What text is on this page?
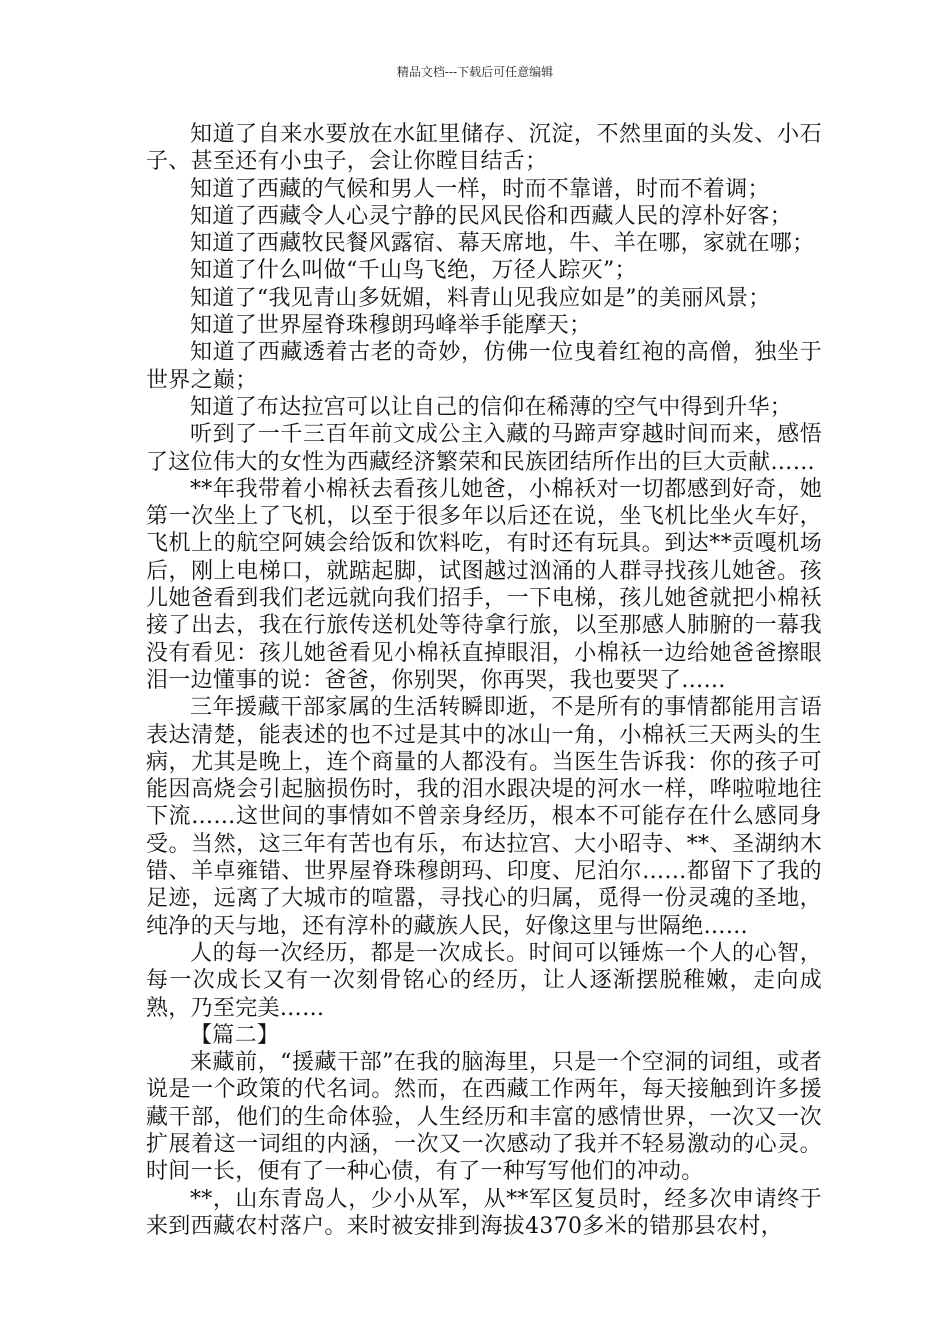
精品文档---下载后可任意编辑

知道了自来水要放在水缸里储存、沉淀，不然里面的头发、小石子、甚至还有小虫子，会让你瞠目结舌；

知道了西藏的气候和男人一样，时而不靠谱，时而不着调；

知道了西藏令人心灵宁静的民风民俗和西藏人民的淳朴好客；

知道了西藏牧民餐风露宿、幕天席地，牛、羊在哪，家就在哪；

知道了什么叫做“千山鸟飞绝，万径人踪灭”；

知道了“我见青山多妩媚，料青山见我应如是”的美丽风景；

知道了世界屋脊珠穆朗玛峰举手能摩天；

知道了西藏透着古老的奇妙，仿佛一位曳着红袍的高僧，独坐于世界之巅；

知道了布达拉宫可以让自己的信仰在稀薄的空气中得到升华；

听到了一千三百年前文成公主入藏的马蹄声穿越时间而来，感悟了这位伟大的女性为西藏经济繁荣和民族团结所作出的巨大贡献……

**年我带着小棉袄去看孩儿她爸，小棉袄对一切都感到好奇，她第一次坐上了飞机，以至于很多年以后还在说，坐飞机比坐火车好，飞机上的航空阿姨会给饭和饮料吃，有时还有玩具。到达**贡嘎机场后，刚上电梯口，就踮起脚，试图越过汹涌的人群寻找孩儿她爸。孩儿她爸看到我们老远就向我们招手，一下电梯，孩儿她爸就把小棉袄接了出去，我在行旅传送机处等待拿行旅，以至那感人肺腑的一幕我没有看见：孩儿她爸看见小棉袄直掉眼泪，小棉袄一边给她爸爸擦眼泪一边懂事的说：爸爸，你别哭，你再哭，我也要哭了……

三年援藏干部家属的生活转瞬即逝，不是所有的事情都能用言语表达清楚，能表述的也不过是其中的冰山一角，小棉袄三天两头的生病，尤其是晚上，连个商量的人都没有。当医生告诉我：你的孩子可能因高烧会引起脑损伤时，我的泪水跟决堤的河水一样，哗啦啦地往下流……这世间的事情如不曾亲身经历，根本不可能存在什么感同身受。当然，这三年有苦也有乐，布达拉宫、大小昭寺、**、圣湖纳木错、羊卓雍错、世界屋脊珠穆朗玛、印度、尼泊尔……都留下了我的足迹，远离了大城市的喧嚣，寻找心的归属，觅得一份灵魂的圣地，纯净的天与地，还有淳朴的藏族人民，好像这里与世隔绝……

人的每一次经历，都是一次成长。时间可以锤炼一个人的心智，每一次成长又有一次刻骨铭心的经历，让人逐渐摆脱稚嫩，走向成熟，乃至完美……

【篇二】

来藏前，“援藏干部”在我的脑海里，只是一个空洞的词组，或者说是一个政策的代名词。然而，在西藏工作两年，每天接触到许多援藏干部，他们的生命体验，人生经历和丰富的感情世界，一次又一次扩展着这一词组的内涵，一次又一次感动了我并不轻易激动的心灵。时间一长，便有了一种心债，有了一种写写他们的冲动。

**，山东青岛人，少小从军，从**军区复员时，经多次申请终于来到西藏农村落户。来时被安排到海拔4370多米的错那县农村，
